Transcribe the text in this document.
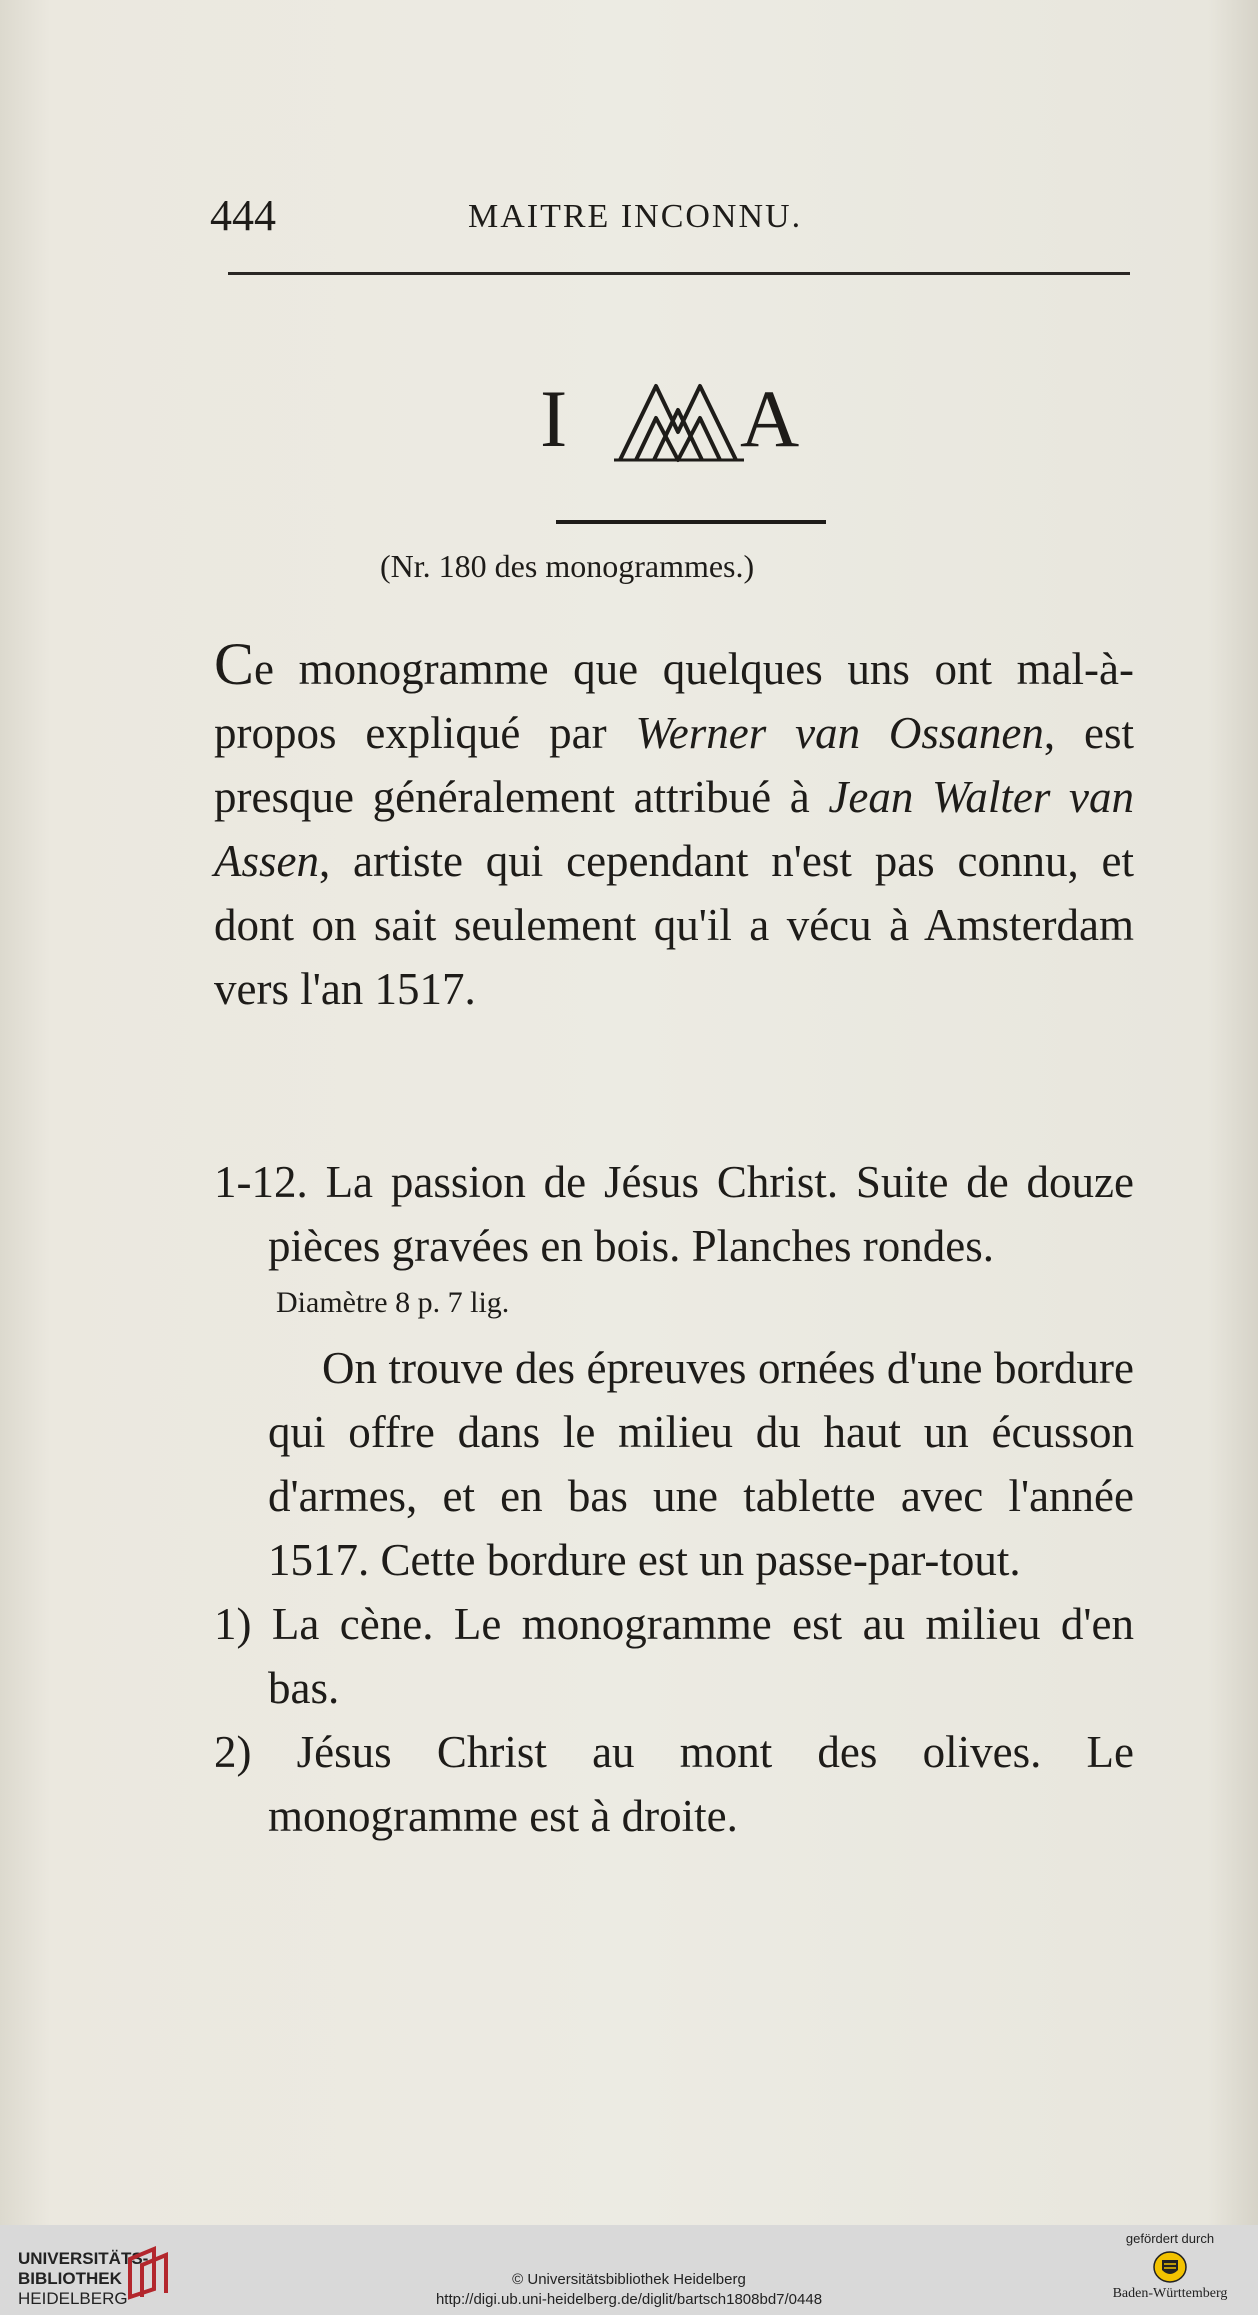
444	MAITRE INCONNU.
I A
(Nr. 180 des monogrammes.)
Ce monogramme que quelques uns ont mal-à-propos expliqué par Werner van Ossanen, est presque généralement attribué à Jean Walter van Assen, artiste qui cependant n'est pas connu, et dont on sait seulement qu'il a vécu à Amsterdam vers l'an 1517.
1-12. La passion de Jésus Christ. Suite de douze pièces gravées en bois. Planches rondes.
Diamètre 8 p. 7 lig.
On trouve des épreuves ornées d'une bordure qui offre dans le milieu du haut un écusson d'armes, et en bas une tablette avec l'année 1517. Cette bordure est un passe-par-tout.
1) La cène. Le monogramme est au milieu d'en bas.
2) Jésus Christ au mont des olives. Le monogramme est à droite.
UNIVERSITÄTS-
BIBLIOTHEK
HEIDELBERG
© Universitätsbibliothek Heidelberg
http://digi.ub.uni-heidelberg.de/diglit/bartsch1808bd7/0448
gefördert durch
Baden-Württemberg
